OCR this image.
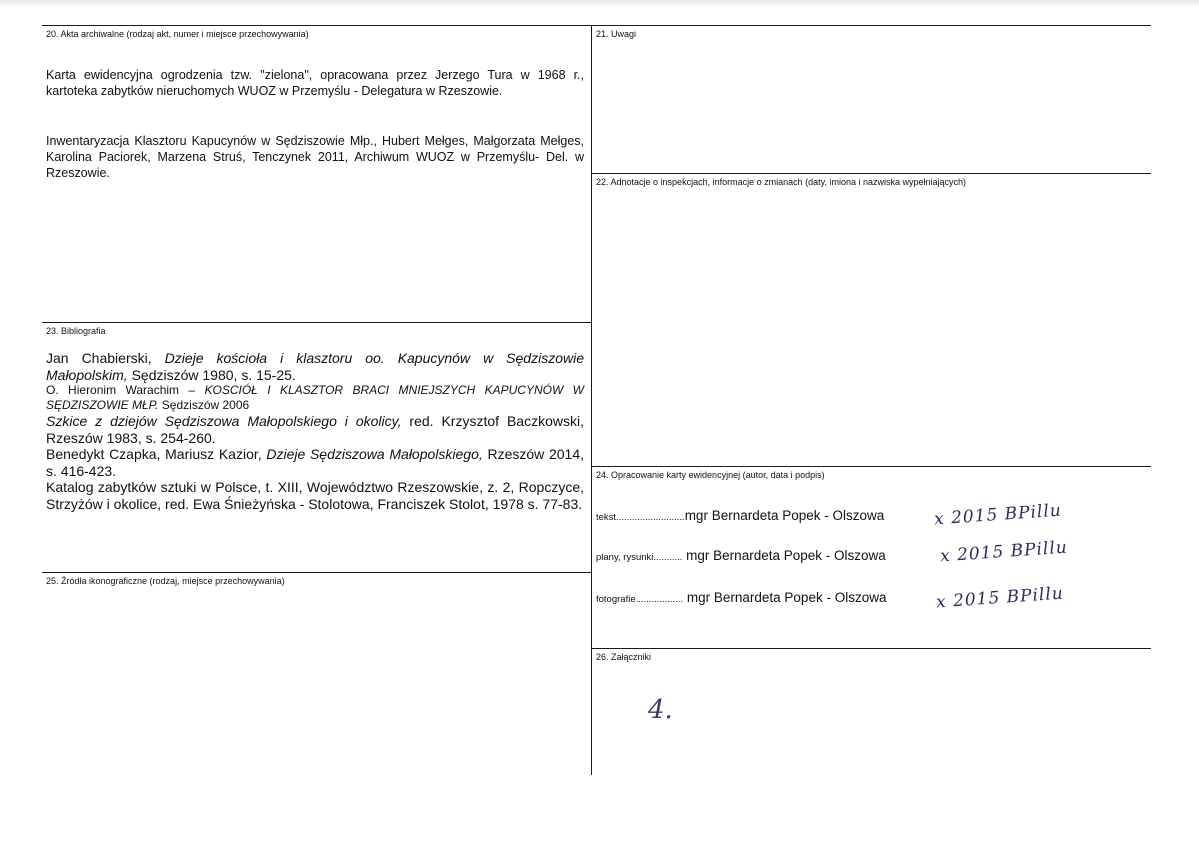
20. Akta archiwalne (rodzaj akt, numer i miejsce przechowywania)
Karta ewidencyjna ogrodzenia tzw. "zielona", opracowana przez Jerzego Tura w 1968 r., kartoteka zabytków nieruchomych WUOZ w Przemyślu - Delegatura w Rzeszowie.
Inwentaryzacja Klasztoru Kapucynów w Sędziszowie Młp., Hubert Mełges, Małgorzata Mełges, Karolina Paciorek, Marzena Struś, Tenczynek 2011, Archiwum WUOZ w Przemyślu- Del. w Rzeszowie.
21. Uwagi
22. Adnotacje o inspekcjach, informacje o zmianach (daty, imiona i nazwiska wypełniających)
23. Bibliografia
Jan Chabierski, Dzieje kościoła i klasztoru oo. Kapucynów w Sędziszowie Małopolskim, Sędziszów 1980, s. 15-25.
O. Hieronim Warachim – KOSCIÓŁ I KLASZTOR BRACI MNIEJSZYCH KAPUCYNÓW W SĘDZISZOWIE MŁP. Sędziszów 2006
Szkice z dziejów Sędziszowa Małopolskiego i okolicy, red. Krzysztof Baczkowski, Rzeszów 1983, s. 254-260.
Benedykt Czapka, Mariusz Kazior, Dzieje Sędziszowa Małopolskiego, Rzeszów 2014, s. 416-423.
Katalog zabytków sztuki w Polsce, t. XIII, Województwo Rzeszowskie, z. 2, Ropczyce, Strzyżów i okolice, red. Ewa Śnieżyńska - Stolotowa, Franciszek Stolot, 1978 s. 77-83.
24. Opracowanie karty ewidencyjnej (autor, data i podpis)
tekst..........................mgr Bernardeta Popek - Olszowa	x 2015 BPillu
plany, rysunki........... mgr Bernardeta Popek - Olszowa	x 2015 BPillu
fotografie.................. mgr Bernardeta Popek - Olszowa	x 2015 BPillu
25. Źródła ikonograficzne (rodzaj, miejsce przechowywania)
26. Załączniki
4.
